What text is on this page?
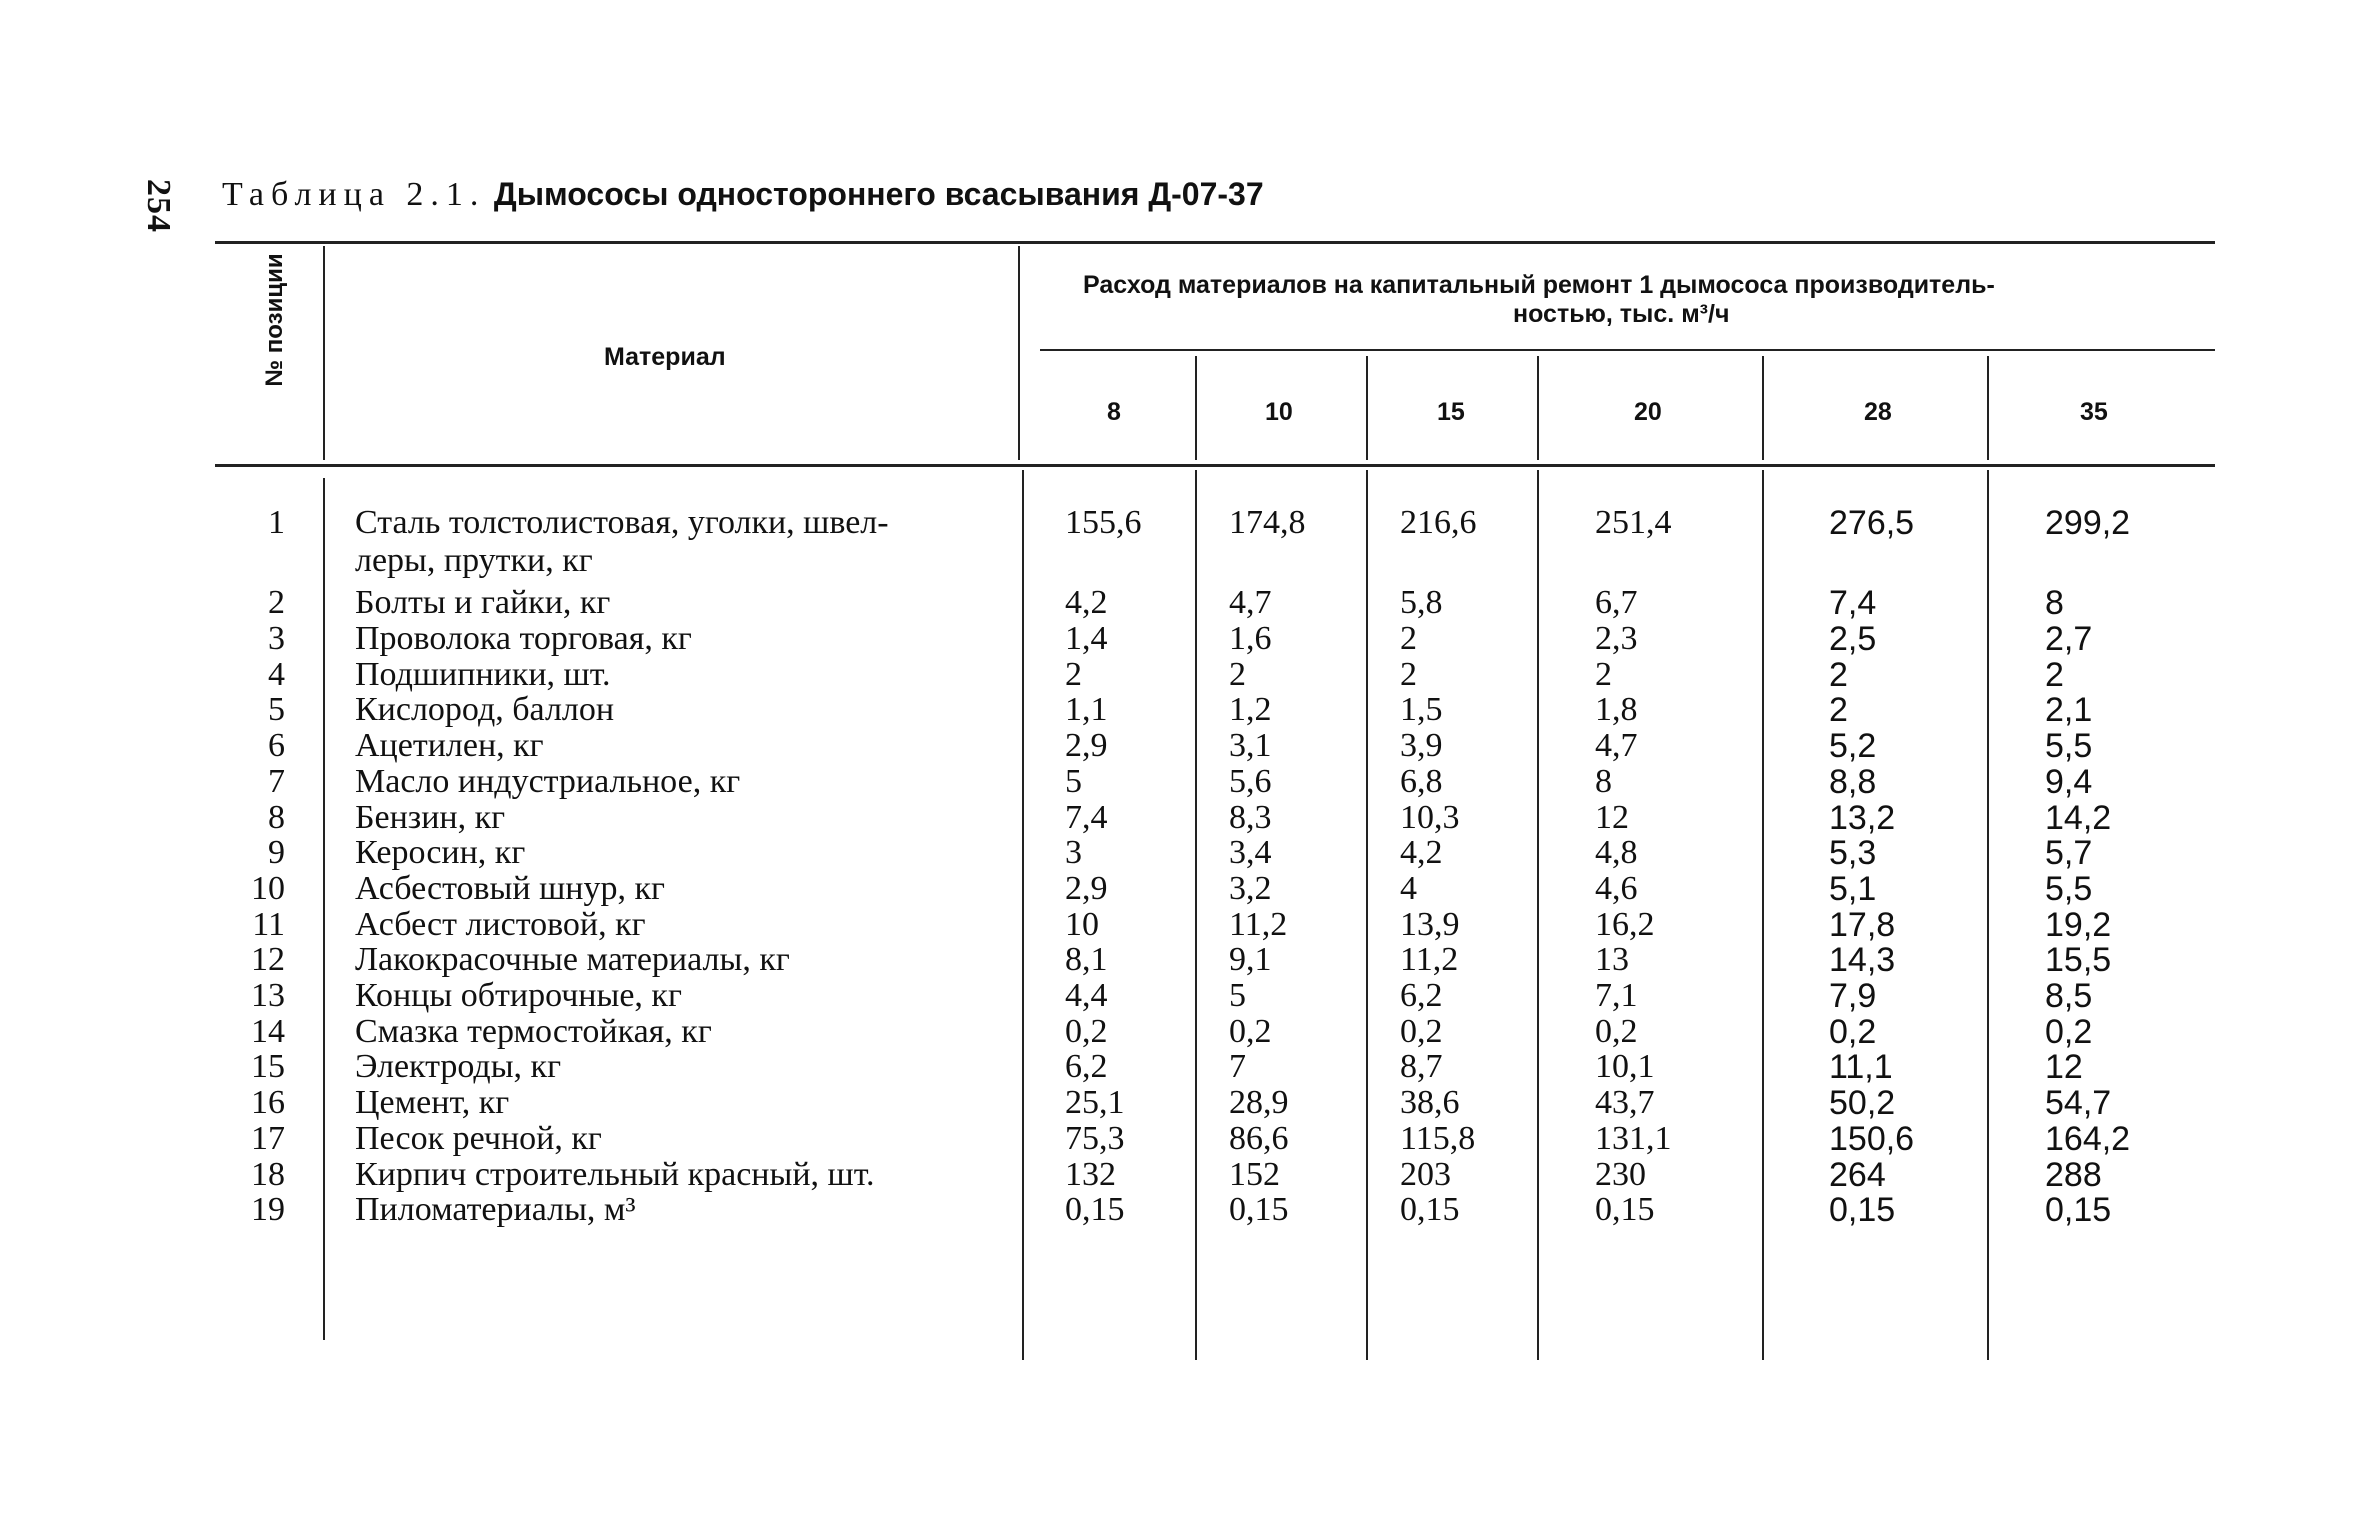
254	Таблица 2.1. Дымососы одностороннего всасывания Д-07-37
№ позиции	Материал
Расход материалов на капитальный ремонт 1 дымососа производитель-
ностью, тыс. м³/ч
8	10	15	20	28	35
1 Сталь толстолистовая, уголки, швел-
леры, прутки, кг
155,6	174,8	216,6	251,4	276,5	299,2
2 Болты и гайки, кг	4,2	4,7	5,8	6,7	7,4	8
3 Проволока торговая, кг	1,4	1,6	2	2,3	2,5	2,7
4 Подшипники, шт.	2	2	2	2	2	2
5 Кислород, баллон	1,1	1,2	1,5	1,8	2	2,1
6 Ацетилен, кг	2,9	3,1	3,9	4,7	5,2	5,5
7 Масло индустриальное, кг	5	5,6	6,8	8	8,8	9,4
8 Бензин, кг	7,4	8,3	10,3	12	13,2	14,2
9 Керосин, кг	3	3,4	4,2	4,8	5,3	5,7
10 Асбестовый шнур, кг	2,9	3,2	4	4,6	5,1	5,5
11 Асбест листовой, кг	10	11,2	13,9	16,2	17,8	19,2
12 Лакокрасочные материалы, кг	8,1	9,1	11,2	13	14,3	15,5
13 Концы обтирочные, кг	4,4	5	6,2	7,1	7,9	8,5
14 Смазка термостойкая, кг	0,2	0,2	0,2	0,2	0,2	0,2
15 Электроды, кг	6,2	7	8,7	10,1	11,1	12
16 Цемент, кг	25,1	28,9	38,6	43,7	50,2	54,7
17 Песок речной, кг	75,3	86,6	115,8	131,1	150,6	164,2
18 Кирпич строительный красный, шт.	132	152	203	230	264	288
19 Пиломатериалы, м³	0,15	0,15	0,15	0,15	0,15	0,15
